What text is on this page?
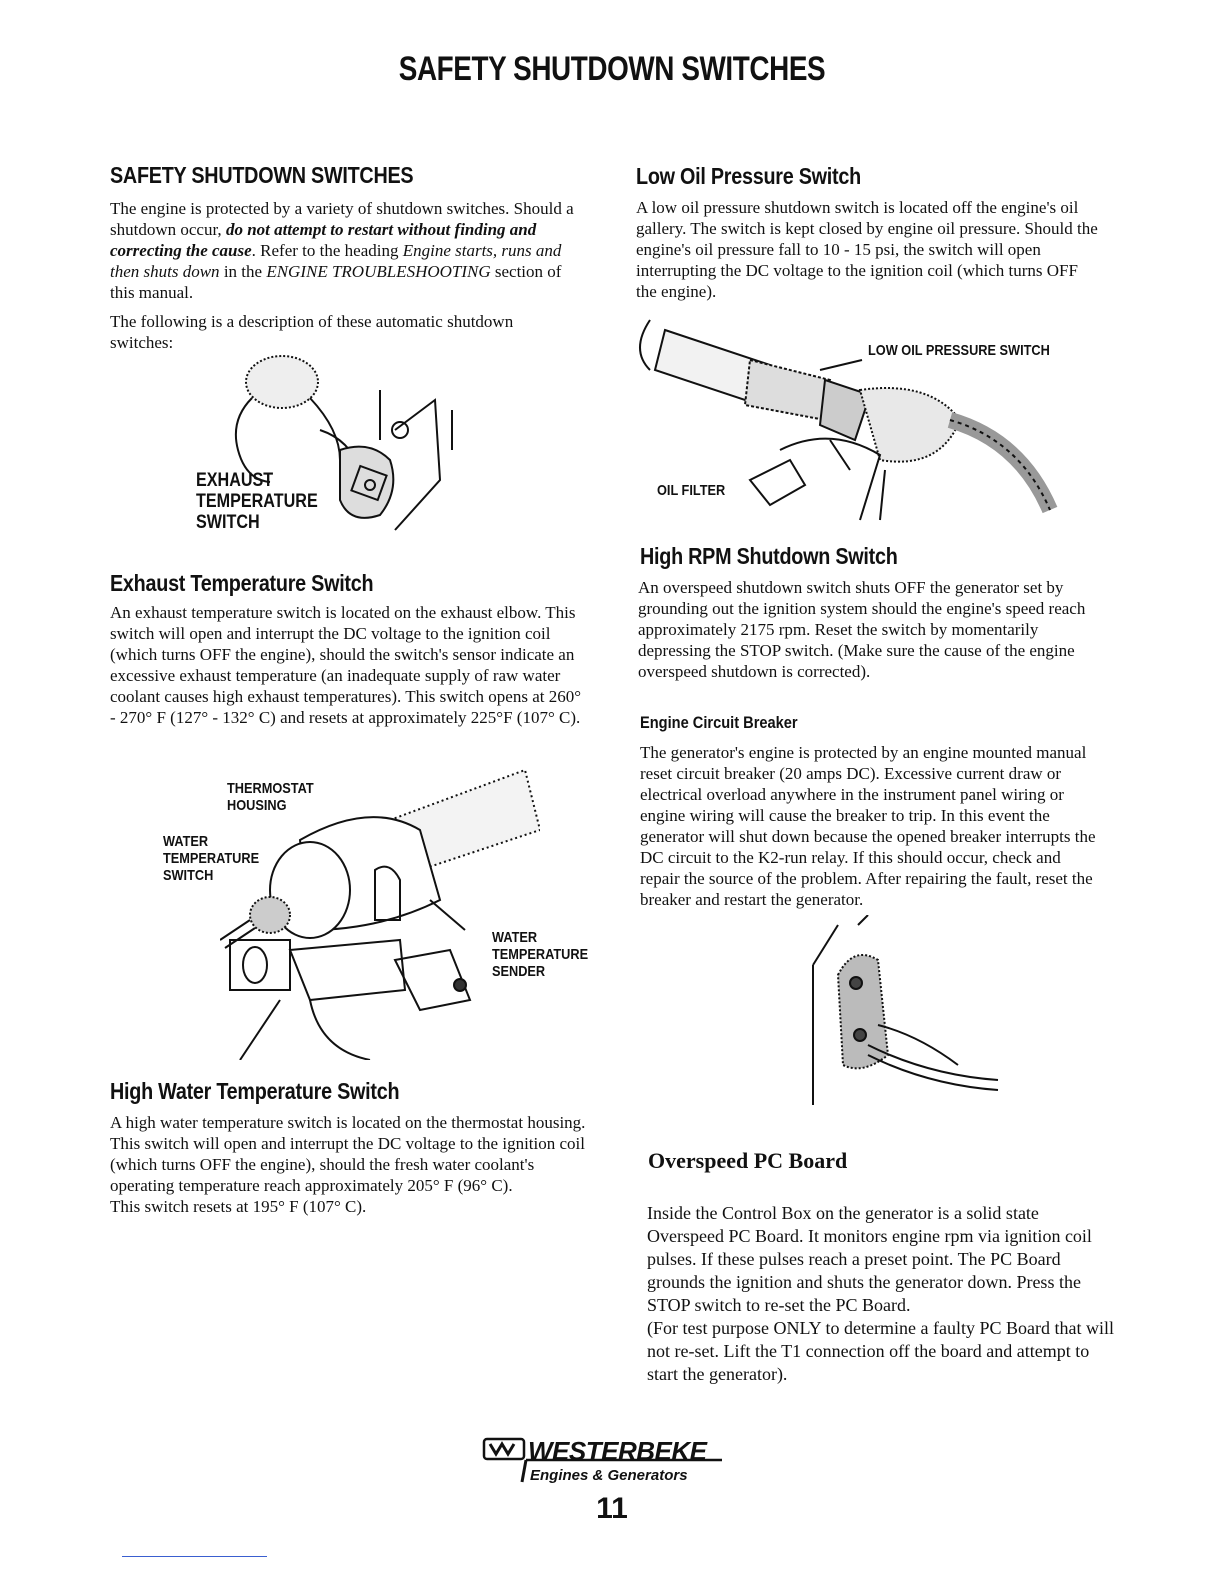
SAFETY SHUTDOWN SWITCHES
SAFETY SHUTDOWN SWITCHES

The engine is protected by a variety of shutdown switches. Should a shutdown occur, do not attempt to restart without finding and correcting the cause. Refer to the heading Engine starts, runs and then shuts down in the ENGINE TROUBLESHOOTING section of this manual.

The following is a description of these automatic shutdown switches:

EXHAUST
TEMPERATURE
SWITCH
Exhaust Temperature Switch
An exhaust temperature switch is located on the exhaust elbow. This switch will open and interrupt the DC voltage to the ignition coil (which turns OFF the engine), should the switch's sensor indicate an excessive exhaust temperature (an inadequate supply of raw water coolant causes high exhaust temperatures). This switch opens at 260° - 270° F (127° - 132° C) and resets at approximately 225°F (107° C).
THERMOSTAT
HOUSING
WATER
TEMPERATURE
SWITCH
WATER
TEMPERATURE
SENDER
High Water Temperature Switch
A high water temperature switch is located on the thermostat housing. This switch will open and interrupt the DC voltage to the ignition coil (which turns OFF the engine), should the fresh water coolant's operating temperature reach approximately 205° F (96° C).
This switch resets at 195° F (107° C).
Low Oil Pressure Switch
A low oil pressure shutdown switch is located off the engine's oil gallery. The switch is kept closed by engine oil pressure. Should the engine's oil pressure fall to 10 - 15 psi, the switch will open interrupting the DC voltage to the ignition coil (which turns OFF the engine).
LOW OIL PRESSURE SWITCH
OIL FILTER
High RPM Shutdown Switch
An overspeed shutdown switch shuts OFF the generator set by grounding out the ignition system should the engine's speed reach approximately 2175 rpm. Reset the switch by momentarily depressing the STOP switch. (Make sure the cause of the engine overspeed shutdown is corrected).
Engine Circuit Breaker
The generator's engine is protected by an engine mounted manual reset circuit breaker (20 amps DC). Excessive current draw or electrical overload anywhere in the instrument panel wiring or engine wiring will cause the breaker to trip. In this event the generator will shut down because the opened breaker interrupts the DC circuit to the K2-run relay. If this should occur, check and repair the source of the problem. After repairing the fault, reset the breaker and restart the generator.
Overspeed PC Board

Inside the Control Box on the generator is a solid state Overspeed PC Board. It monitors engine rpm via ignition coil pulses. If these pulses reach a preset point. The PC Board grounds the ignition and shuts the generator down. Press the STOP switch to re-set the PC Board.

(For test purpose ONLY to determine a faulty PC Board that will not re-set. Lift the T1 connection off the board and attempt to start the generator).

WESTERBEKE
Engines & Generators
11
